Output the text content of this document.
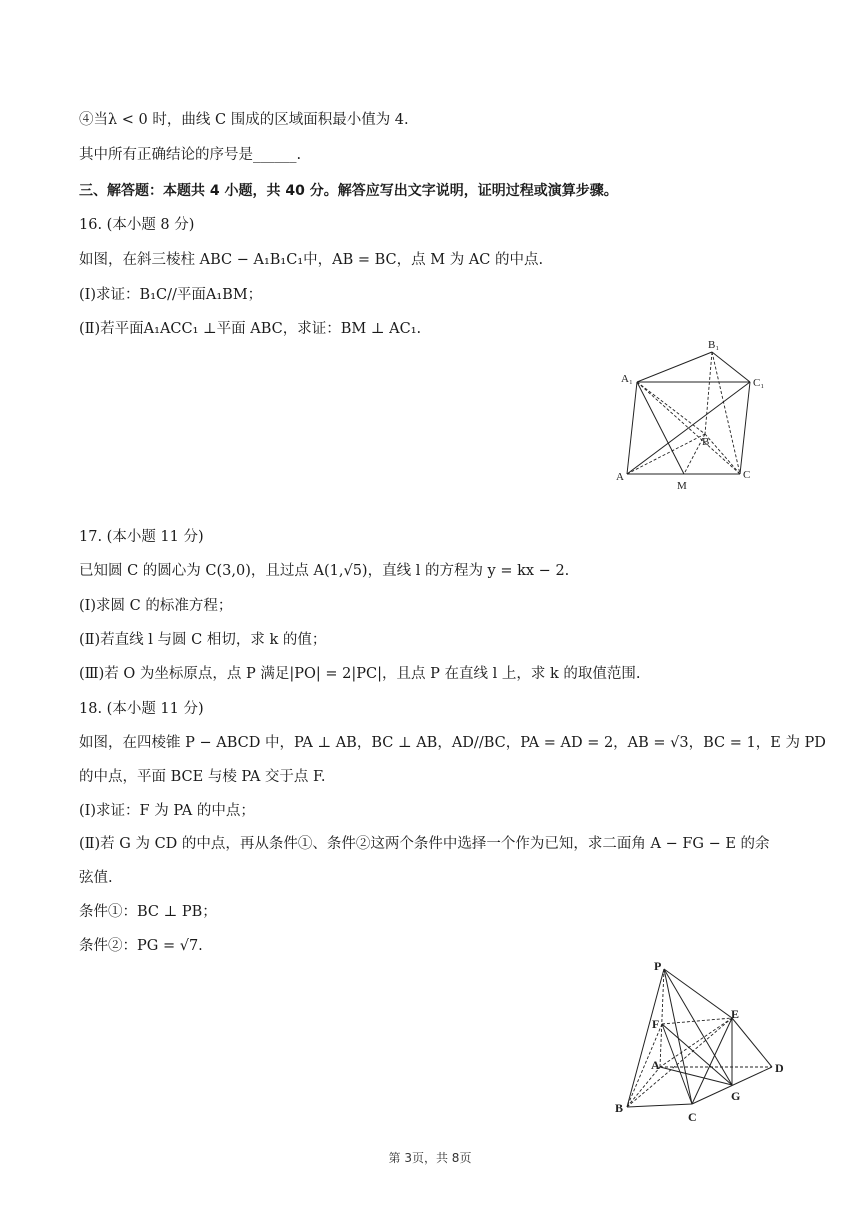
④当λ < 0 时，曲线 C 围成的区域面积最小值为 4.
其中所有正确结论的序号是______.
三、解答题：本题共 4 小题，共 40 分。解答应写出文字说明，证明过程或演算步骤。
16. (本小题 8 分)
如图，在斜三棱柱 ABC − A₁B₁C₁中，AB = BC，点 M 为 AC 的中点.
(Ⅰ)求证：B₁C//平面A₁BM；
(Ⅱ)若平面A₁ACC₁ ⊥平面 ABC，求证：BM ⊥ AC₁.
A₁
B₁
C₁
A
B
C
M
17. (本小题 11 分)
已知圆 C 的圆心为 C(3,0)，且过点 A(1,√5)，直线 l 的方程为 y = kx − 2.
(Ⅰ)求圆 C 的标准方程；
(Ⅱ)若直线 l 与圆 C 相切，求 k 的值；
(Ⅲ)若 O 为坐标原点，点 P 满足|PO| = 2|PC|，且点 P 在直线 l 上，求 k 的取值范围.
18. (本小题 11 分)
如图，在四棱锥 P − ABCD 中，PA ⊥ AB，BC ⊥ AB，AD//BC，PA = AD = 2，AB = √3，BC = 1，E 为 PD
的中点，平面 BCE 与棱 PA 交于点 F.
(Ⅰ)求证：F 为 PA 的中点；
(Ⅱ)若 G 为 CD 的中点，再从条件①、条件②这两个条件中选择一个作为已知，求二面角 A − FG − E 的余
弦值.
条件①：BC ⊥ PB；
条件②：PG = √7.
P
F
E
A	D
B
C
G
第 3页，共 8页
